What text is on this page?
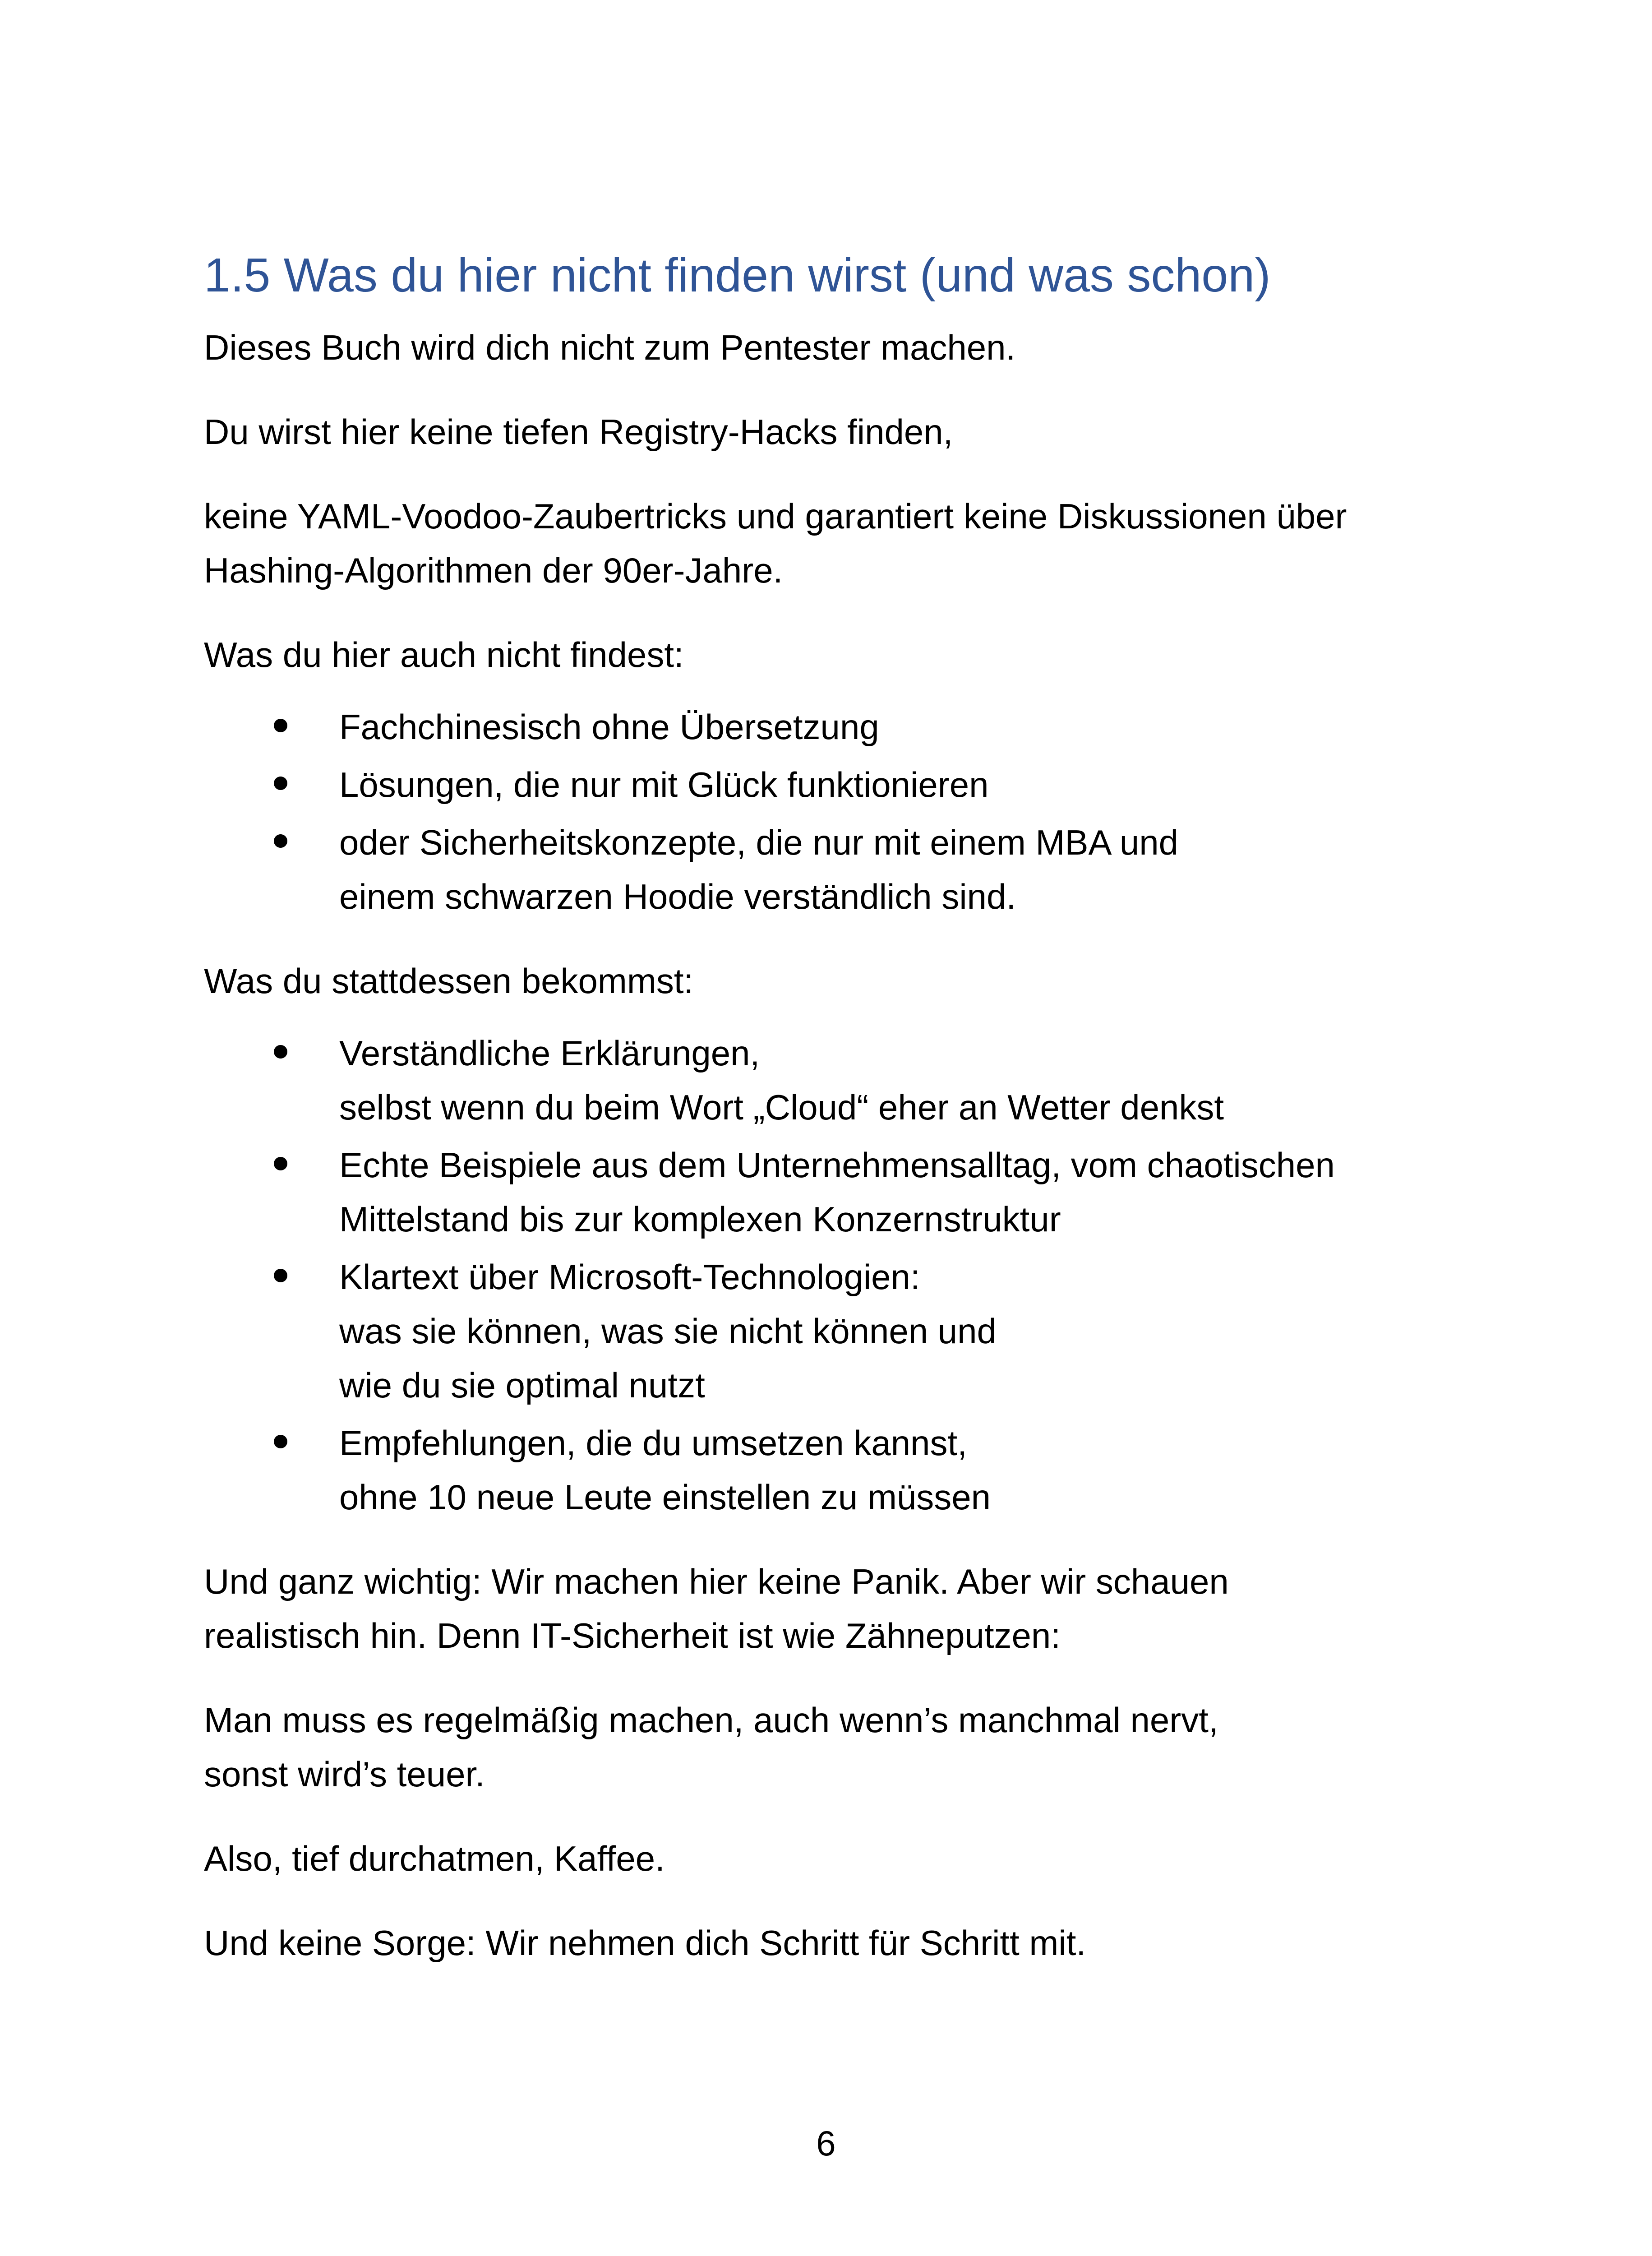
1.5 Was du hier nicht finden wirst (und was schon)

Dieses Buch wird dich nicht zum Pentester machen.

Du wirst hier keine tiefen Registry-Hacks finden,

keine YAML-Voodoo-Zaubertricks und garantiert keine Diskussionen über
Hashing-Algorithmen der 90er-Jahre.

Was du hier auch nicht findest:

Fachchinesisch ohne Übersetzung
Lösungen, die nur mit Glück funktionieren
oder Sicherheitskonzepte, die nur mit einem MBA und
einem schwarzen Hoodie verständlich sind.

Was du stattdessen bekommst:

Verständliche Erklärungen,
selbst wenn du beim Wort „Cloud“ eher an Wetter denkst
Echte Beispiele aus dem Unternehmensalltag, vom chaotischen
Mittelstand bis zur komplexen Konzernstruktur
Klartext über Microsoft-Technologien:
was sie können, was sie nicht können und
wie du sie optimal nutzt
Empfehlungen, die du umsetzen kannst,
ohne 10 neue Leute einstellen zu müssen

Und ganz wichtig: Wir machen hier keine Panik. Aber wir schauen
realistisch hin. Denn IT-Sicherheit ist wie Zähneputzen:

Man muss es regelmäßig machen, auch wenn’s manchmal nervt,
sonst wird’s teuer.

Also, tief durchatmen, Kaffee.

Und keine Sorge: Wir nehmen dich Schritt für Schritt mit.

6
